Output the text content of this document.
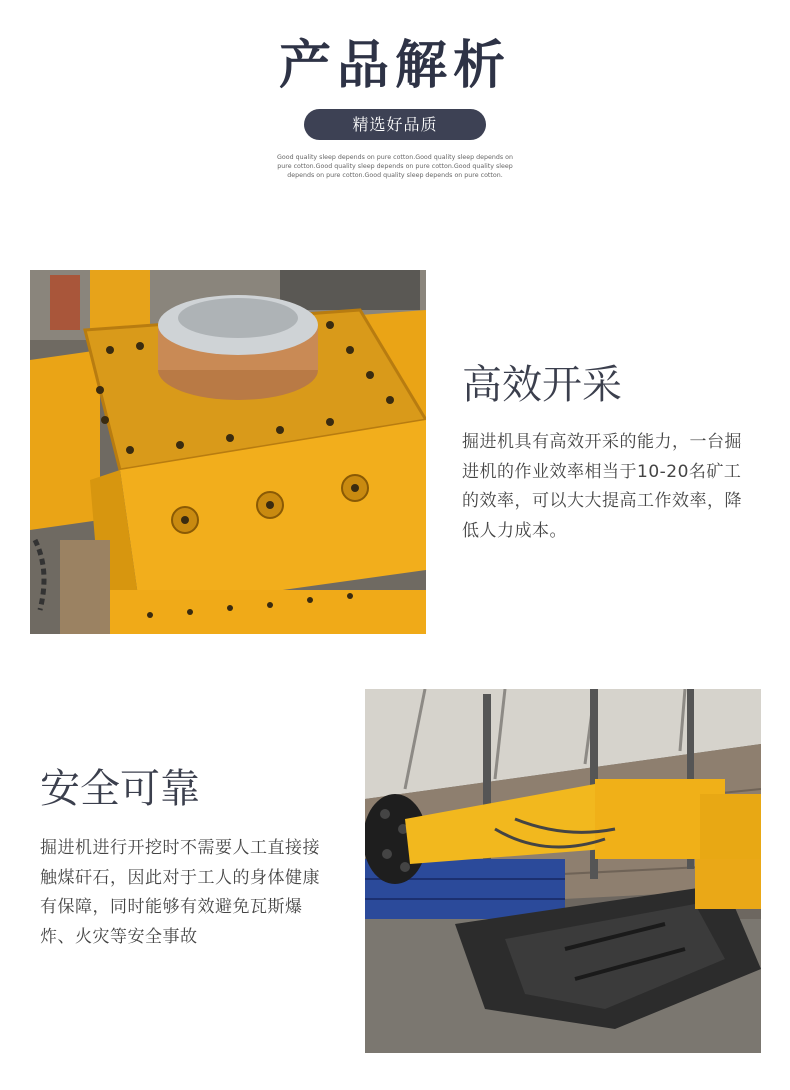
产品解析
精选好品质
Good quality sleep depends on pure cotton.Good quality sleep depends on pure cotton.Good quality sleep depends on pure cotton.Good quality sleep depends on pure cotton.Good quality sleep depends on pure cotton.
高效开采
掘进机具有高效开采的能力，一台掘进机的作业效率相当于10-20名矿工的效率，可以大大提高工作效率，降低人力成本。
安全可靠
掘进机进行开挖时不需要人工直接接触煤矸石，因此对于工人的身体健康有保障，同时能够有效避免瓦斯爆炸、火灾等安全事故
